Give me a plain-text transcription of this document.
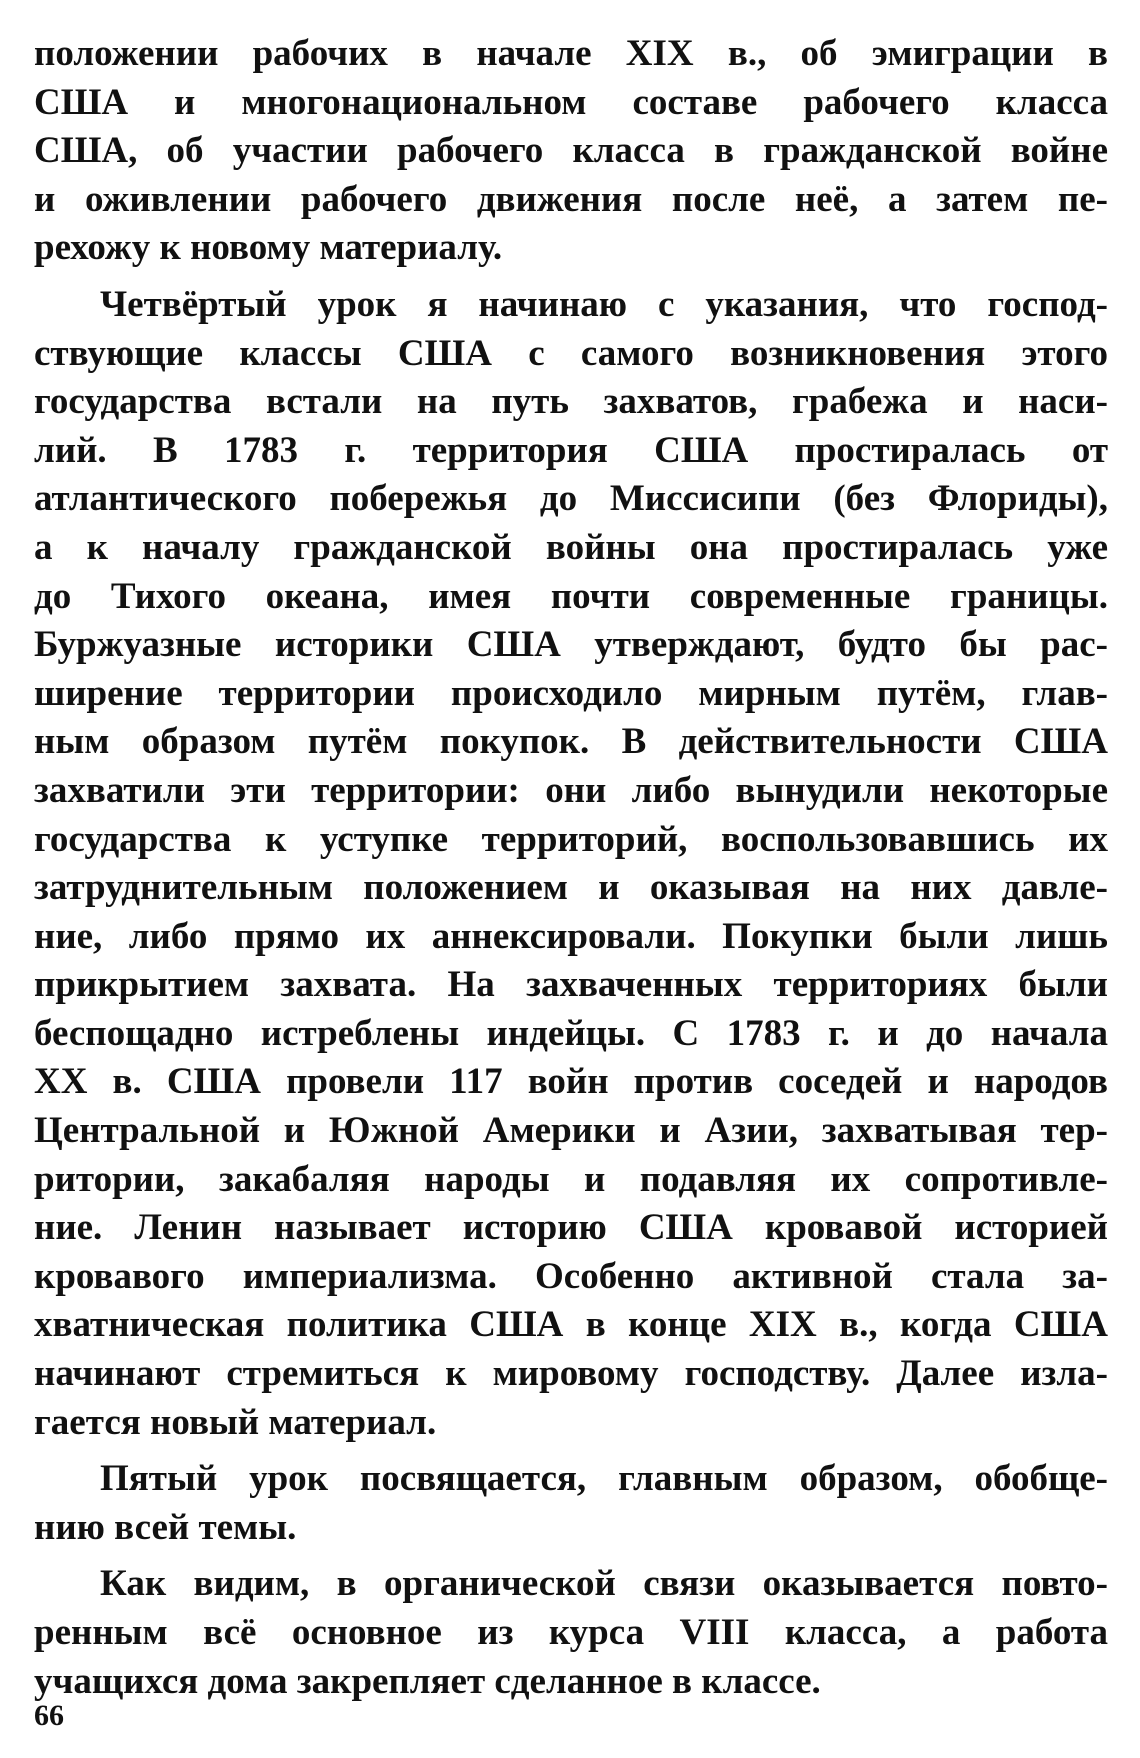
положении рабочих в начале XIX в., об эмиграции в
США и многонациональном составе рабочего класса
США, об участии рабочего класса в гражданской войне
и оживлении рабочего движения после неё, а затем пе-
рехожу к новому материалу.
Четвёртый урок я начинаю с указания, что господ-
ствующие классы США с самого возникновения этого
государства встали на путь захватов, грабежа и наси-
лий. В 1783 г. территория США простиралась от
атлантического побережья до Миссисипи (без Флориды),
а к началу гражданской войны она простиралась уже
до Тихого океана, имея почти современные границы.
Буржуазные историки США утверждают, будто бы рас-
ширение территории происходило мирным путём, глав-
ным образом путём покупок. В действительности США
захватили эти территории: они либо вынудили некоторые
государства к уступке территорий, воспользовавшись их
затруднительным положением и оказывая на них давле-
ние, либо прямо их аннексировали. Покупки были лишь
прикрытием захвата. На захваченных территориях были
беспощадно истреблены индейцы. С 1783 г. и до начала
XX в. США провели 117 войн против соседей и народов
Центральной и Южной Америки и Азии, захватывая тер-
ритории, закабаляя народы и подавляя их сопротивле-
ние. Ленин называет историю США кровавой историей
кровавого империализма. Особенно активной стала за-
хватническая политика США в конце XIX в., когда США
начинают стремиться к мировому господству. Далее изла-
гается новый материал.
Пятый урок посвящается, главным образом, обобще-
нию всей темы.
Как видим, в органической связи оказывается повто-
ренным всё основное из курса VIII класса, а работа
учащихся дома закрепляет сделанное в классе.
66
